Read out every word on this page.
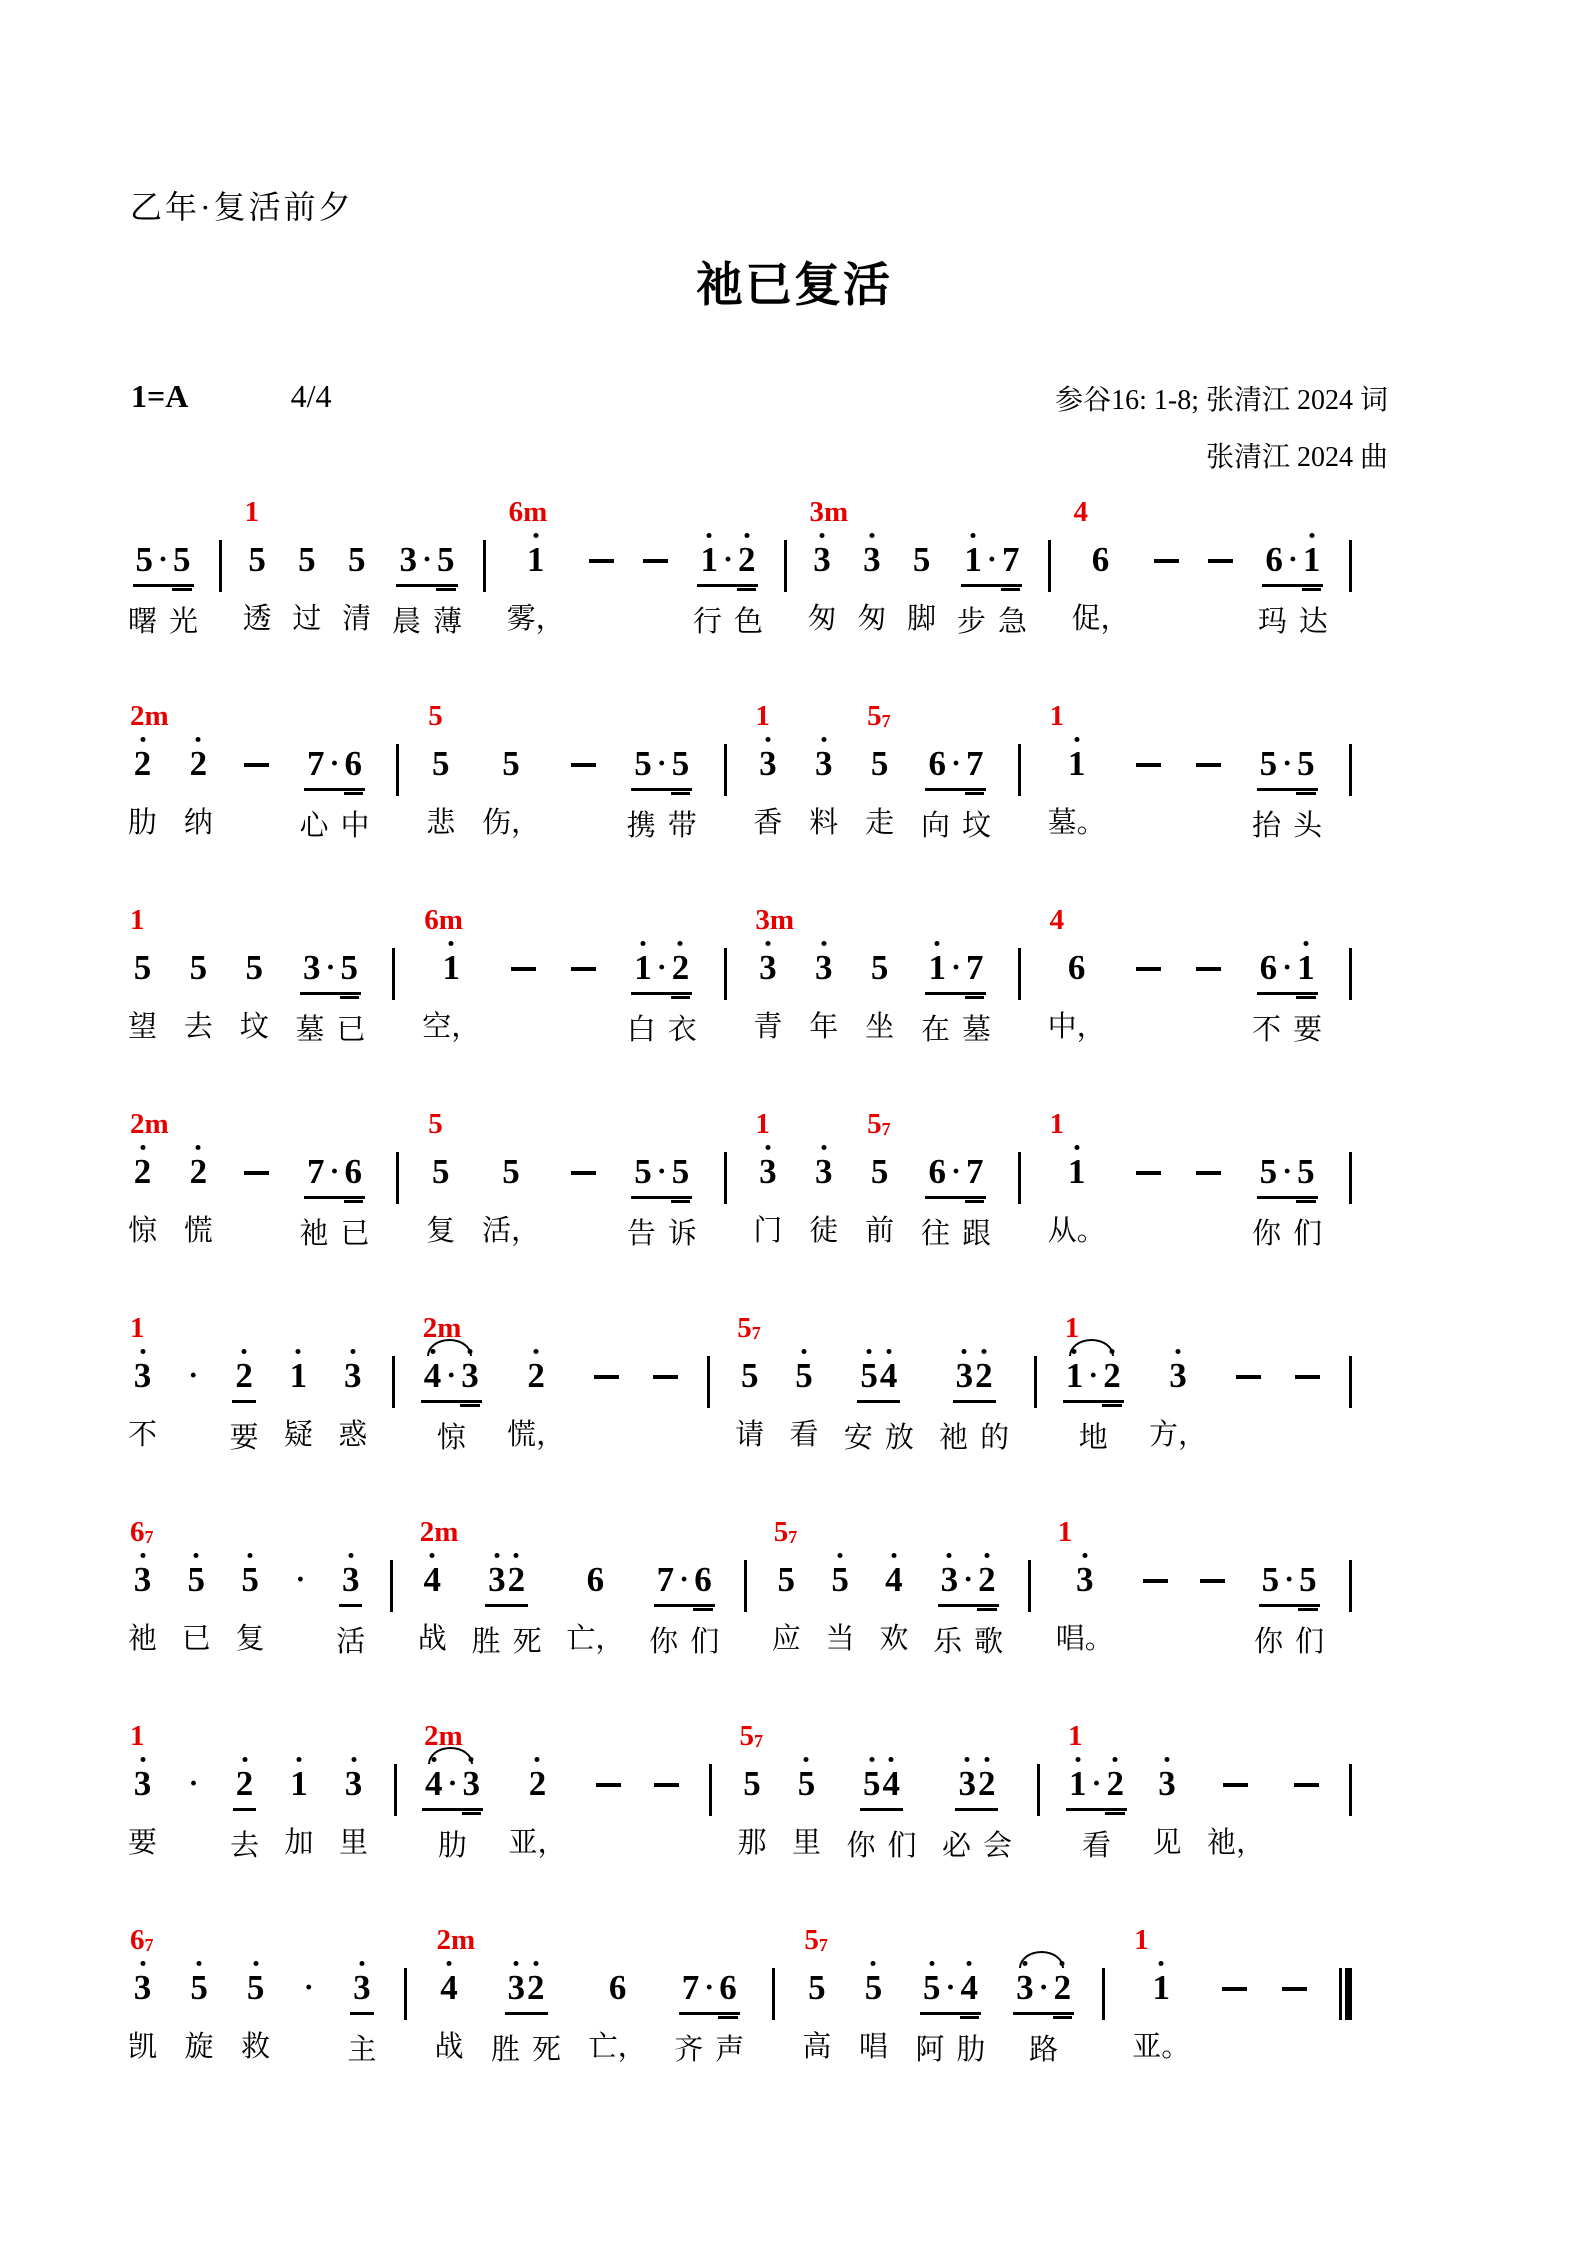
乙年·复活前夕
祂已复活
1=A	4/4	参谷16: 1-8; 张清江 2024 词
张清江 2024 曲
5 · 5
曙 光
1
5
透
5
过
5
清
3 · 5
晨 薄
6m
1
雾，
1 · 2
行 色
3m
3
匆
3
匆
5
脚
1 · 7
步 急
4
6
促，
6 · 1
玛 达
2m
2
肋
2
纳
7 · 6
心 中
5
5
悲
5
伤，
5 · 5
携 带
1
3
香
3
料
57
5
走
6 · 7
向 坟
1
1
墓。
5 · 5
抬 头
1
5
望
5
去
5
坟
3 · 5
墓 已
6m
1
空，
1 · 2
白 衣
3m
3
青
3
年
5
坐
1 · 7
在 墓
4
6
中，
6 · 1
不 要
2m
2
惊
2
慌
7 · 6
祂 已
5
5
复
5
活，
5 · 5
告 诉
1
3
门
3
徒
57
5
前
6 · 7
往 跟
1
1
从。
5 · 5
你 们
1
3
不
· 2
要
1
疑
3
惑
2m
4 · 3
惊
2
慌，
57
5
请
5
看
5 4
安 放
3 2
祂 的
1
1 · 2
地
3
方，
67
3
祂
5
已
5
复
· 3
活
2m
4
战
3 2
胜 死
6
亡，
7 · 6
你 们
57
5
应
5
当
4
欢
3 · 2
乐 歌
1
3
唱。
5 · 5
你 们
1
3
要
· 2
去
1
加
3
里
2m
4 · 3
肋
2
亚，
57
5
那
5
里
5 4
你 们
3 2
必 会
1
1 · 2
看
3
见 祂，
67
3
凯
5
旋
5
救
· 3
主
2m
4
战
3 2
胜 死
6
亡，
7 · 6
齐 声
57
5
高
5
唱
5 · 4
阿 肋
3 · 2
路
1
1
亚。
